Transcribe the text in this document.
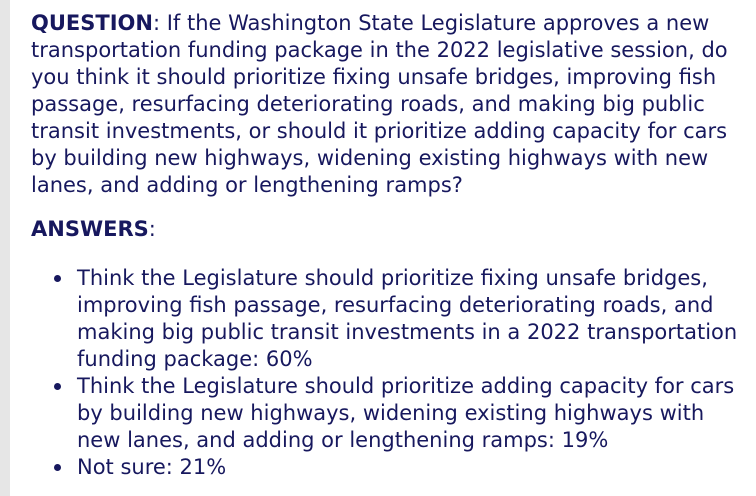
QUESTION: If the Washington State Legislature approves a new transportation funding package in the 2022 legislative session, do you think it should prioritize fixing unsafe bridges, improving fish passage, resurfacing deteriorating roads, and making big public transit investments, or should it prioritize adding capacity for cars by building new highways, widening existing highways with new lanes, and adding or lengthening ramps?

ANSWERS:

Think the Legislature should prioritize fixing unsafe bridges, improving fish passage, resurfacing deteriorating roads, and making big public transit investments in a 2022 transportation funding package: 60%
Think the Legislature should prioritize adding capacity for cars by building new highways, widening existing highways with new lanes, and adding or lengthening ramps: 19%
Not sure: 21%
